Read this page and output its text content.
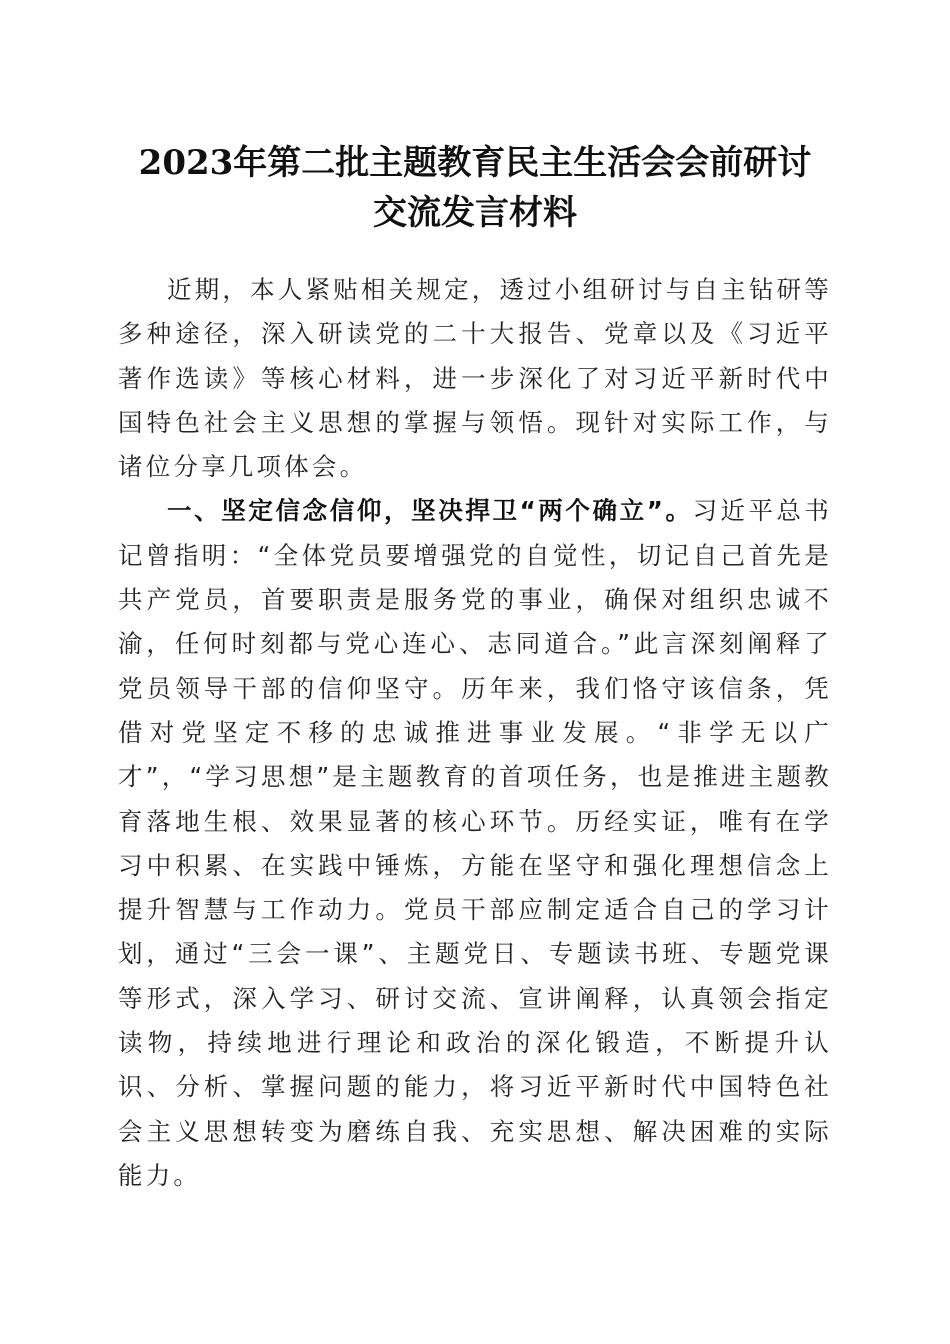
2023年第二批主题教育民主生活会会前研讨
交流发言材料

近期，本人紧贴相关规定，透过小组研讨与自主钻研等多种途径，深入研读党的二十大报告、党章以及《习近平著作选读》等核心材料，进一步深化了对习近平新时代中国特色社会主义思想的掌握与领悟。现针对实际工作，与诸位分享几项体会。

一、坚定信念信仰，坚决捍卫“两个确立”。习近平总书记曾指明：“全体党员要增强党的自觉性，切记自己首先是共产党员，首要职责是服务党的事业，确保对组织忠诚不渝，任何时刻都与党心连心、志同道合。”此言深刻阐释了党员领导干部的信仰坚守。历年来，我们恪守该信条，凭借对党坚定不移的忠诚推进事业发展。“非学无以广才”，“学习思想”是主题教育的首项任务，也是推进主题教育落地生根、效果显著的核心环节。历经实证，唯有在学习中积累、在实践中锤炼，方能在坚守和强化理想信念上提升智慧与工作动力。党员干部应制定适合自己的学习计划，通过“三会一课”、主题党日、专题读书班、专题党课等形式，深入学习、研讨交流、宣讲阐释，认真领会指定读物，持续地进行理论和政治的深化锻造，不断提升认识、分析、掌握问题的能力，将习近平新时代中国特色社会主义思想转变为磨练自我、充实思想、解决困难的实际能力。
